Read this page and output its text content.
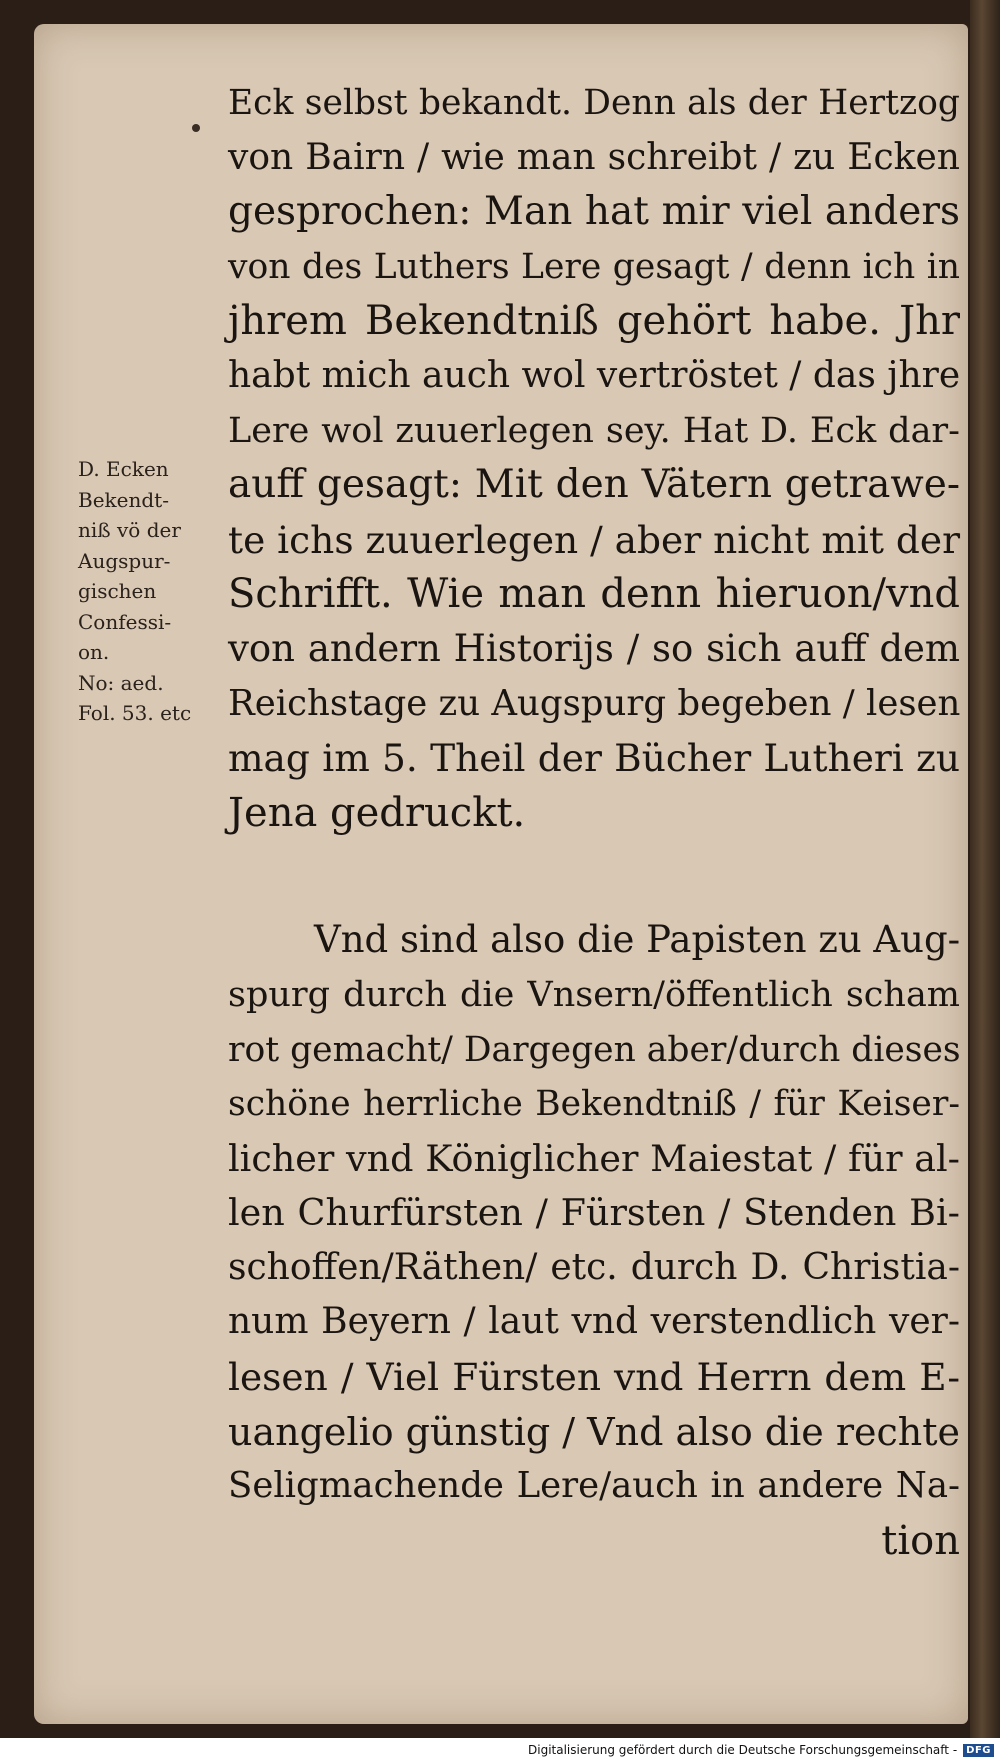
Eck selbst bekandt. Denn als der Hertzog
von Bairn / wie man schreibt / zu Ecken
gesprochen: Man hat mir viel anders
von des Luthers Lere gesagt / denn ich in
jhrem Bekendtniß gehört habe. Jhr
habt mich auch wol vertröstet / das jhre
Lere wol zuuerlegen sey. Hat D. Eck dar-
auff gesagt: Mit den Vätern getrawe-
te ichs zuuerlegen / aber nicht mit der
Schrifft. Wie man denn hieruon/vnd
von andern Historijs / so sich auff dem
Reichstage zu Augspurg begeben / lesen
mag im 5. Theil der Bücher Lutheri zu
Jena gedruckt.
Vnd sind also die Papisten zu Aug-
spurg durch die Vnsern/öffentlich scham
rot gemacht/ Dargegen aber/durch dieses
schöne herrliche Bekendtniß / für Keiser-
licher vnd Königlicher Maiestat / für al-
len Churfürsten / Fürsten / Stenden Bi-
schoffen/Räthen/ etc. durch D. Christia-
num Beyern / laut vnd verstendlich ver-
lesen / Viel Fürsten vnd Herrn dem E-
uangelio günstig / Vnd also die rechte
Seligmachende Lere/auch in andere Na-
tion
D. Ecken
Bekendt-
niß vö der
Augspur-
gischen
Confessi-
on.
No: aed.
Fol. 53. etc
Digitalisierung gefördert durch die Deutsche Forschungsgemeinschaft - DFG
